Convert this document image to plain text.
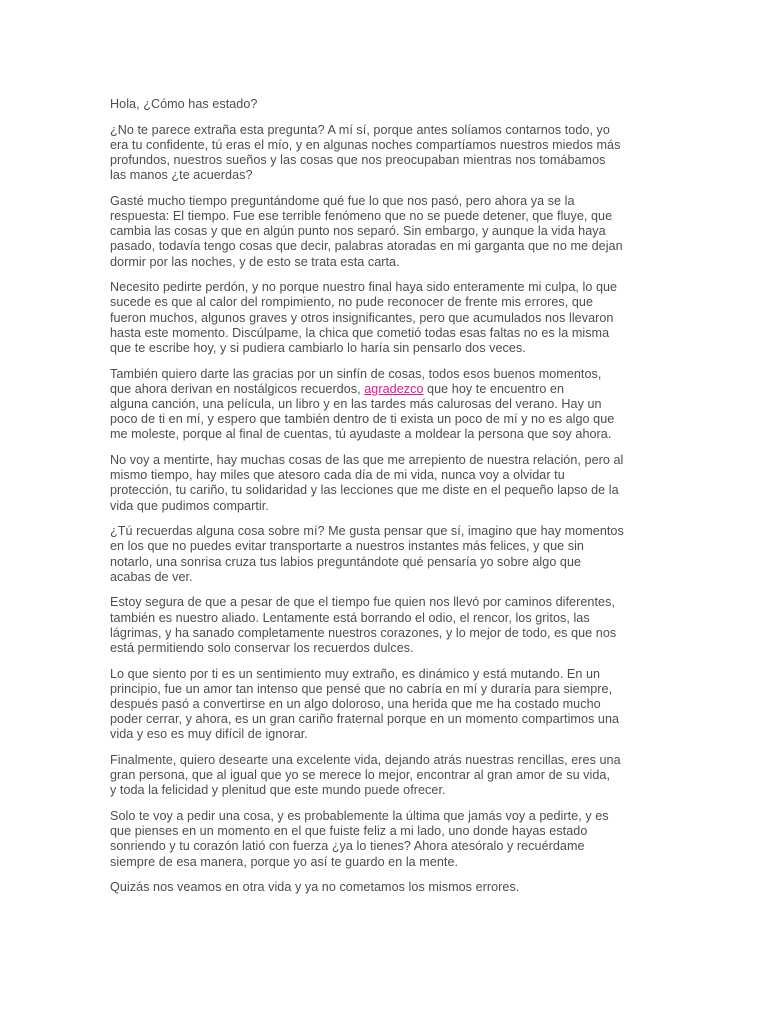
Hola, ¿Cómo has estado?

¿No te parece extraña esta pregunta? A mí sí, porque antes solíamos contarnos todo, yo
era tu confidente, tú eras el mío, y en algunas noches compartíamos nuestros miedos más
profundos, nuestros sueños y las cosas que nos preocupaban mientras nos tomábamos
las manos ¿te acuerdas?

Gasté mucho tiempo preguntándome qué fue lo que nos pasó, pero ahora ya se la
respuesta: El tiempo. Fue ese terrible fenómeno que no se puede detener, que fluye, que
cambia las cosas y que en algún punto nos separó. Sin embargo, y aunque la vida haya
pasado, todavía tengo cosas que decir, palabras atoradas en mi garganta que no me dejan
dormir por las noches, y de esto se trata esta carta.

Necesito pedirte perdón, y no porque nuestro final haya sido enteramente mi culpa, lo que
sucede es que al calor del rompimiento, no pude reconocer de frente mis errores, que
fueron muchos, algunos graves y otros insignificantes, pero que acumulados nos llevaron
hasta este momento. Discúlpame, la chica que cometió todas esas faltas no es la misma
que te escribe hoy, y si pudiera cambiarlo lo haría sin pensarlo dos veces.

También quiero darte las gracias por un sinfín de cosas, todos esos buenos momentos,
que ahora derivan en nostálgicos recuerdos, agradezco que hoy te encuentro en
alguna canción, una película, un libro y en las tardes más calurosas del verano. Hay un
poco de ti en mí, y espero que también dentro de ti exista un poco de mí y no es algo que
me moleste, porque al final de cuentas, tú ayudaste a moldear la persona que soy ahora.

No voy a mentirte, hay muchas cosas de las que me arrepiento de nuestra relación, pero al
mismo tiempo, hay miles que atesoro cada día de mi vida, nunca voy a olvidar tu
protección, tu cariño, tu solidaridad y las lecciones que me diste en el pequeño lapso de la
vida que pudimos compartir.

¿Tú recuerdas alguna cosa sobre mí? Me gusta pensar que sí, imagino que hay momentos
en los que no puedes evitar transportarte a nuestros instantes más felices, y que sin
notarlo, una sonrisa cruza tus labios preguntándote qué pensaría yo sobre algo que
acabas de ver.

Estoy segura de que a pesar de que el tiempo fue quien nos llevó por caminos diferentes,
también es nuestro aliado. Lentamente está borrando el odio, el rencor, los gritos, las
lágrimas, y ha sanado completamente nuestros corazones, y lo mejor de todo, es que nos
está permitiendo solo conservar los recuerdos dulces.

Lo que siento por ti es un sentimiento muy extraño, es dinámico y está mutando. En un
principio, fue un amor tan intenso que pensé que no cabría en mí y duraría para siempre,
después pasó a convertirse en un algo doloroso, una herida que me ha costado mucho
poder cerrar, y ahora, es un gran cariño fraternal porque en un momento compartimos una
vida y eso es muy difícil de ignorar.

Finalmente, quiero desearte una excelente vida, dejando atrás nuestras rencillas, eres una
gran persona, que al igual que yo se merece lo mejor, encontrar al gran amor de su vida,
y toda la felicidad y plenitud que este mundo puede ofrecer.

Solo te voy a pedir una cosa, y es probablemente la última que jamás voy a pedirte, y es
que pienses en un momento en el que fuiste feliz a mi lado, uno donde hayas estado
sonriendo y tu corazón latió con fuerza ¿ya lo tienes? Ahora atesóralo y recuérdame
siempre de esa manera, porque yo así te guardo en la mente.

Quizás nos veamos en otra vida y ya no cometamos los mismos errores.
